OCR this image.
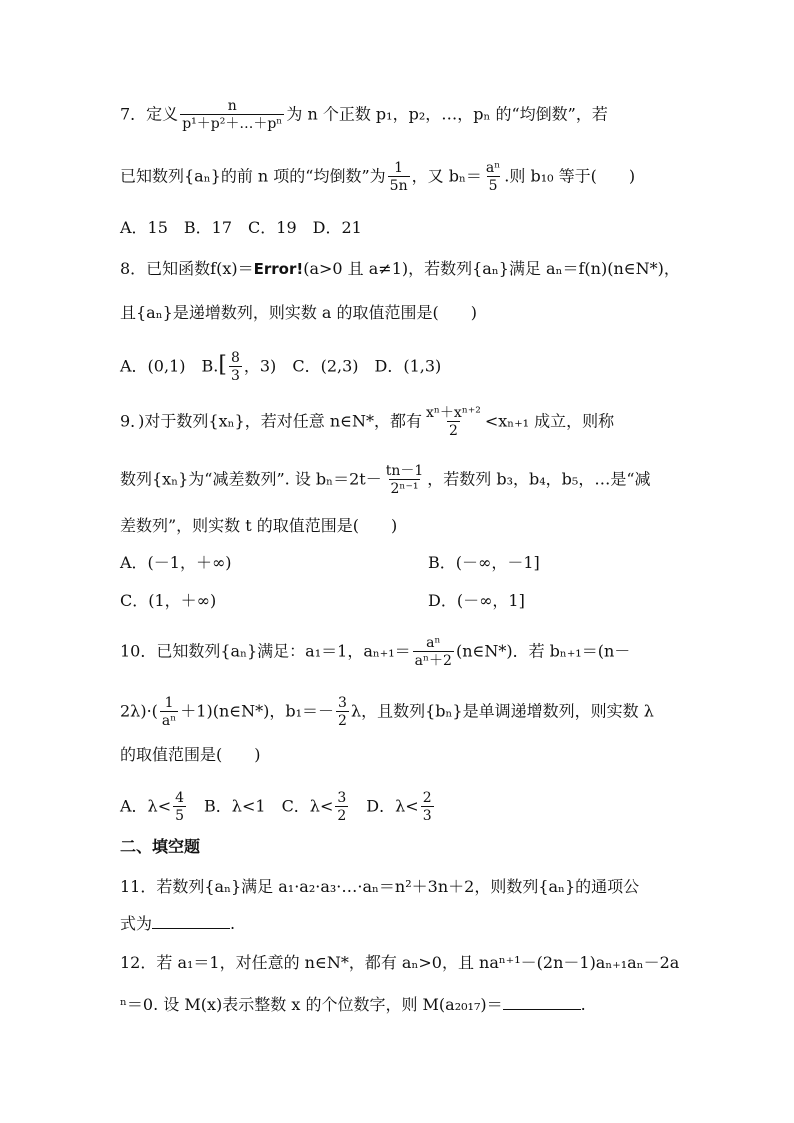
7．定义 $\frac{n}{\text{p¹＋p²＋…＋pⁿ}}$ 为 n 个正数 p₁，p₂，…，pₙ 的“均倒数”，若
已知数列{aₙ}的前 n 项的“均倒数”为 $\frac{1}{5n}$ ，又 $b_n= \frac{\text{aⁿ}}{5}$ .则 b₁₀ 等于(　　)
A．15　B．17　C．19　D．21
8．已知函数f(x)＝Error!(a>0 且 a≠1)，若数列{aₙ}满足 aₙ＝f(n)(n∈N*)，
且{aₙ}是递增数列，则实数 a 的取值范围是(　　)
A．(0,1)　 $B.[ \frac{8}{3}$ ，3)　 C．(2,3)　 D．(1,3)
9．)对于数列{xₙ}，若对任意 n∈N*，都有 $\frac{\text{xⁿ＋xⁿ⁺²}}{2} <x_{n+1}$ 成立，则称
数列{xₙ}为“减差数列”. 设 $b_n=2t- \frac{tn-1}{\text{2ⁿ⁻¹}}$ ，若数列 b₃，b₄，b₅，…是“减
差数列”，则实数 t 的取值范围是(　　)
A．(－1，＋∞)	B．(－∞，－1]
C．(1，＋∞)	D．(－∞，1]
10．已知数列{aₙ}满足：a₁＝1，$a_{n+1}= \frac{\text{aⁿ}}{\text{aⁿ＋2}}$ (n∈N*)．若 bₙ₊₁＝(n－
$2\lambda)\cdot( \frac{1}{\text{aⁿ}}$ ＋1)(n∈N*)，$b_1=- \frac{3}{2}$ λ，且数列{bₙ}是单调递增数列，则实数 λ
的取值范围是(　　)
A．$\lambda< \frac{4}{5}$
　 B．λ<1　 C．$\lambda< \frac{3}{2}$
　 D．$\lambda< \frac{2}{3}$
二、填空题
11．若数列{aₙ}满足 a₁·a₂·a₃·…·aₙ＝n²＋3n＋2，则数列{aₙ}的通项公
式为	.
12．若 a₁＝1，对任意的 n∈N*，都有 aₙ>0，且 naⁿ⁺¹－(2n－1)aₙ₊₁aₙ－2a
ⁿ＝0. 设 M(x)表示整数 x 的个位数字，则 M(a₂₀₁₇)＝	.
